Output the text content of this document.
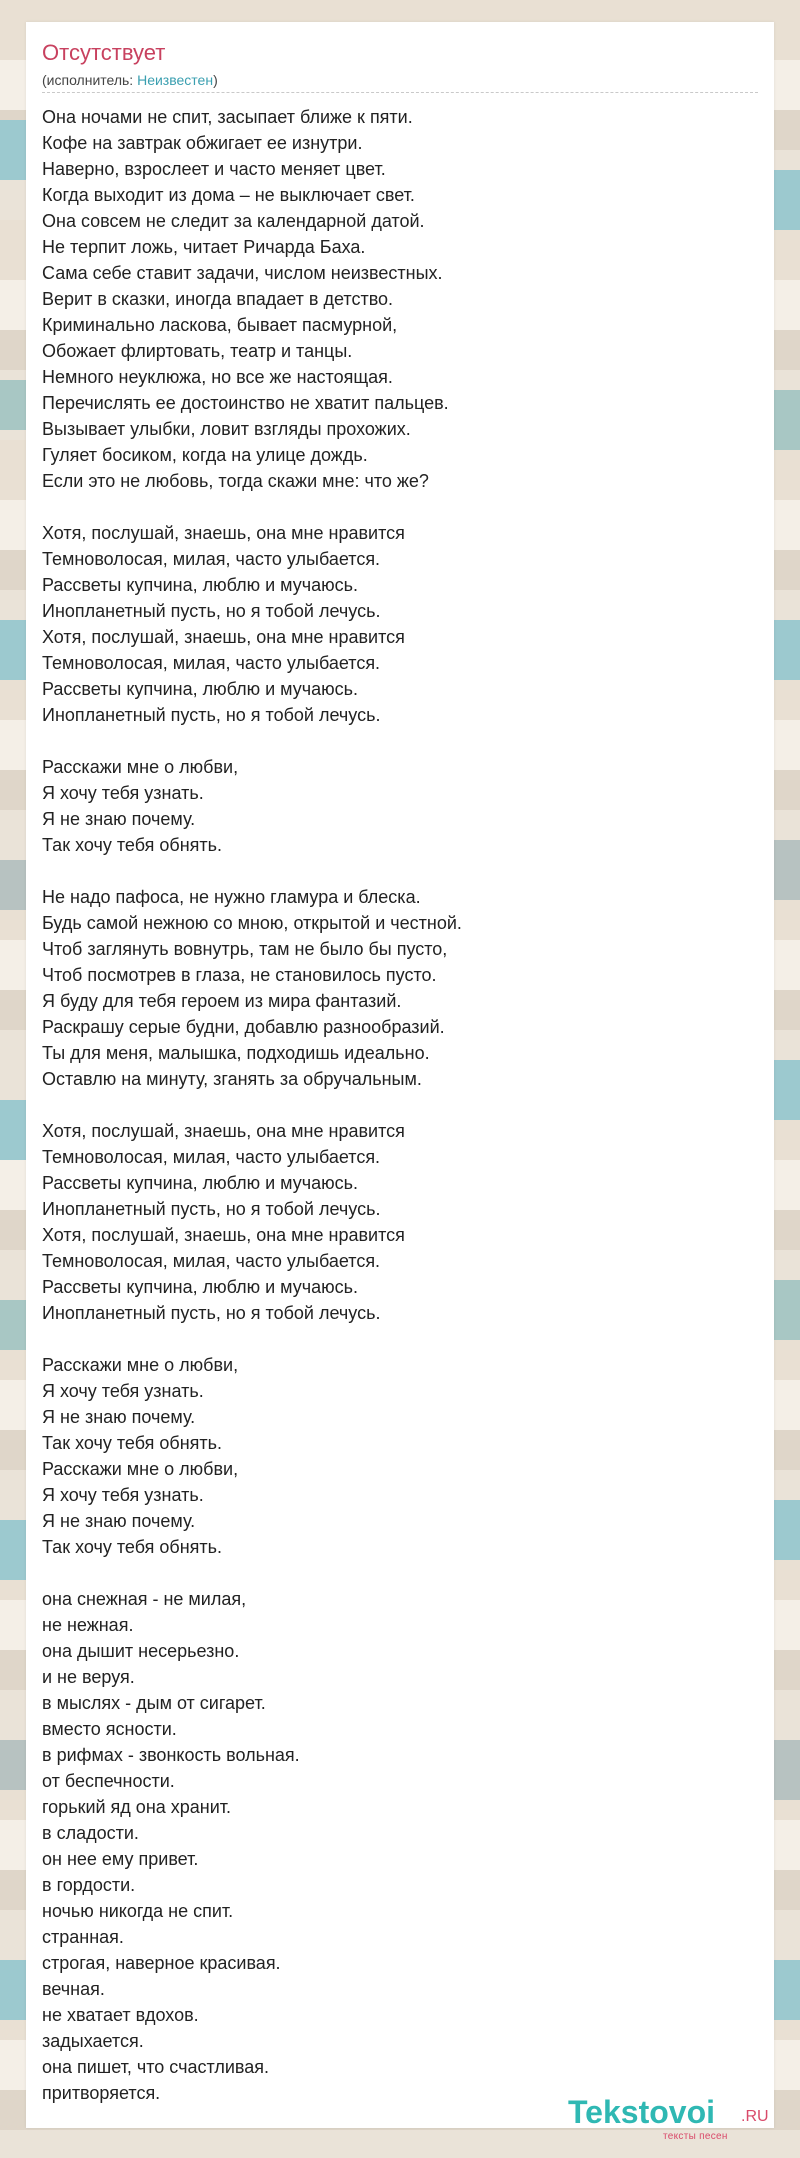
Отсутствует
(исполнитель: Неизвестен)
Она ночами не спит, засыпает ближе к пяти.
Кофе на завтрак обжигает ее изнутри.
Наверно, взрослеет и часто меняет цвет.
Когда выходит из дома – не выключает свет.
Она совсем не следит за календарной датой.
Не терпит ложь, читает Ричарда Баха.
Сама себе ставит задачи, числом неизвестных.
Верит в сказки, иногда впадает в детство.
Криминально ласкова, бывает пасмурной,
Обожает флиртовать, театр и танцы.
Немного неуклюжа, но все же настоящая.
Перечислять ее достоинство не хватит пальцев.
Вызывает улыбки, ловит взгляды прохожих.
Гуляет босиком, когда на улице дождь.
Если это не любовь, тогда скажи мне: что же?
Хотя, послушай, знаешь, она мне нравится
Темноволосая, милая, часто улыбается.
Рассветы купчина, люблю и мучаюсь.
Инопланетный пусть, но я тобой лечусь.
Хотя, послушай, знаешь, она мне нравится
Темноволосая, милая, часто улыбается.
Рассветы купчина, люблю и мучаюсь.
Инопланетный пусть, но я тобой лечусь.
Расскажи мне о любви,
Я хочу тебя узнать.
Я не знаю почему.
Так хочу тебя обнять.
Не надо пафоса, не нужно гламура и блеска.
Будь самой нежною со мною, открытой и честной.
Чтоб заглянуть вовнутрь, там не было бы пусто,
Чтоб посмотрев в глаза, не становилось пусто.
Я буду для тебя героем из мира фантазий.
Раскрашу серые будни, добавлю разнообразий.
Ты для меня, малышка, подходишь идеально.
Оставлю на минуту, зганять за обручальным.
Хотя, послушай, знаешь, она мне нравится
Темноволосая, милая, часто улыбается.
Рассветы купчина, люблю и мучаюсь.
Инопланетный пусть, но я тобой лечусь.
Хотя, послушай, знаешь, она мне нравится
Темноволосая, милая, часто улыбается.
Рассветы купчина, люблю и мучаюсь.
Инопланетный пусть, но я тобой лечусь.
Расскажи мне о любви,
Я хочу тебя узнать.
Я не знаю почему.
Так хочу тебя обнять.
Расскажи мне о любви,
Я хочу тебя узнать.
Я не знаю почему.
Так хочу тебя обнять.
она снежная - не милая,
не нежная.
она дышит несерьезно.
и не веруя.
в мыслях - дым от сигарет.
вместо ясности.
в рифмах - звонкость вольная.
от беспечности.
горький яд она хранит.
в сладости.
он нее ему привет.
в гордости.
ночью никогда не спит.
странная.
строгая, наверное красивая.
вечная.
не хватает вдохов.
задыхается.
она пишет, что счастливая.
притворяется.
Tekstovoi .RU
тексты песен
